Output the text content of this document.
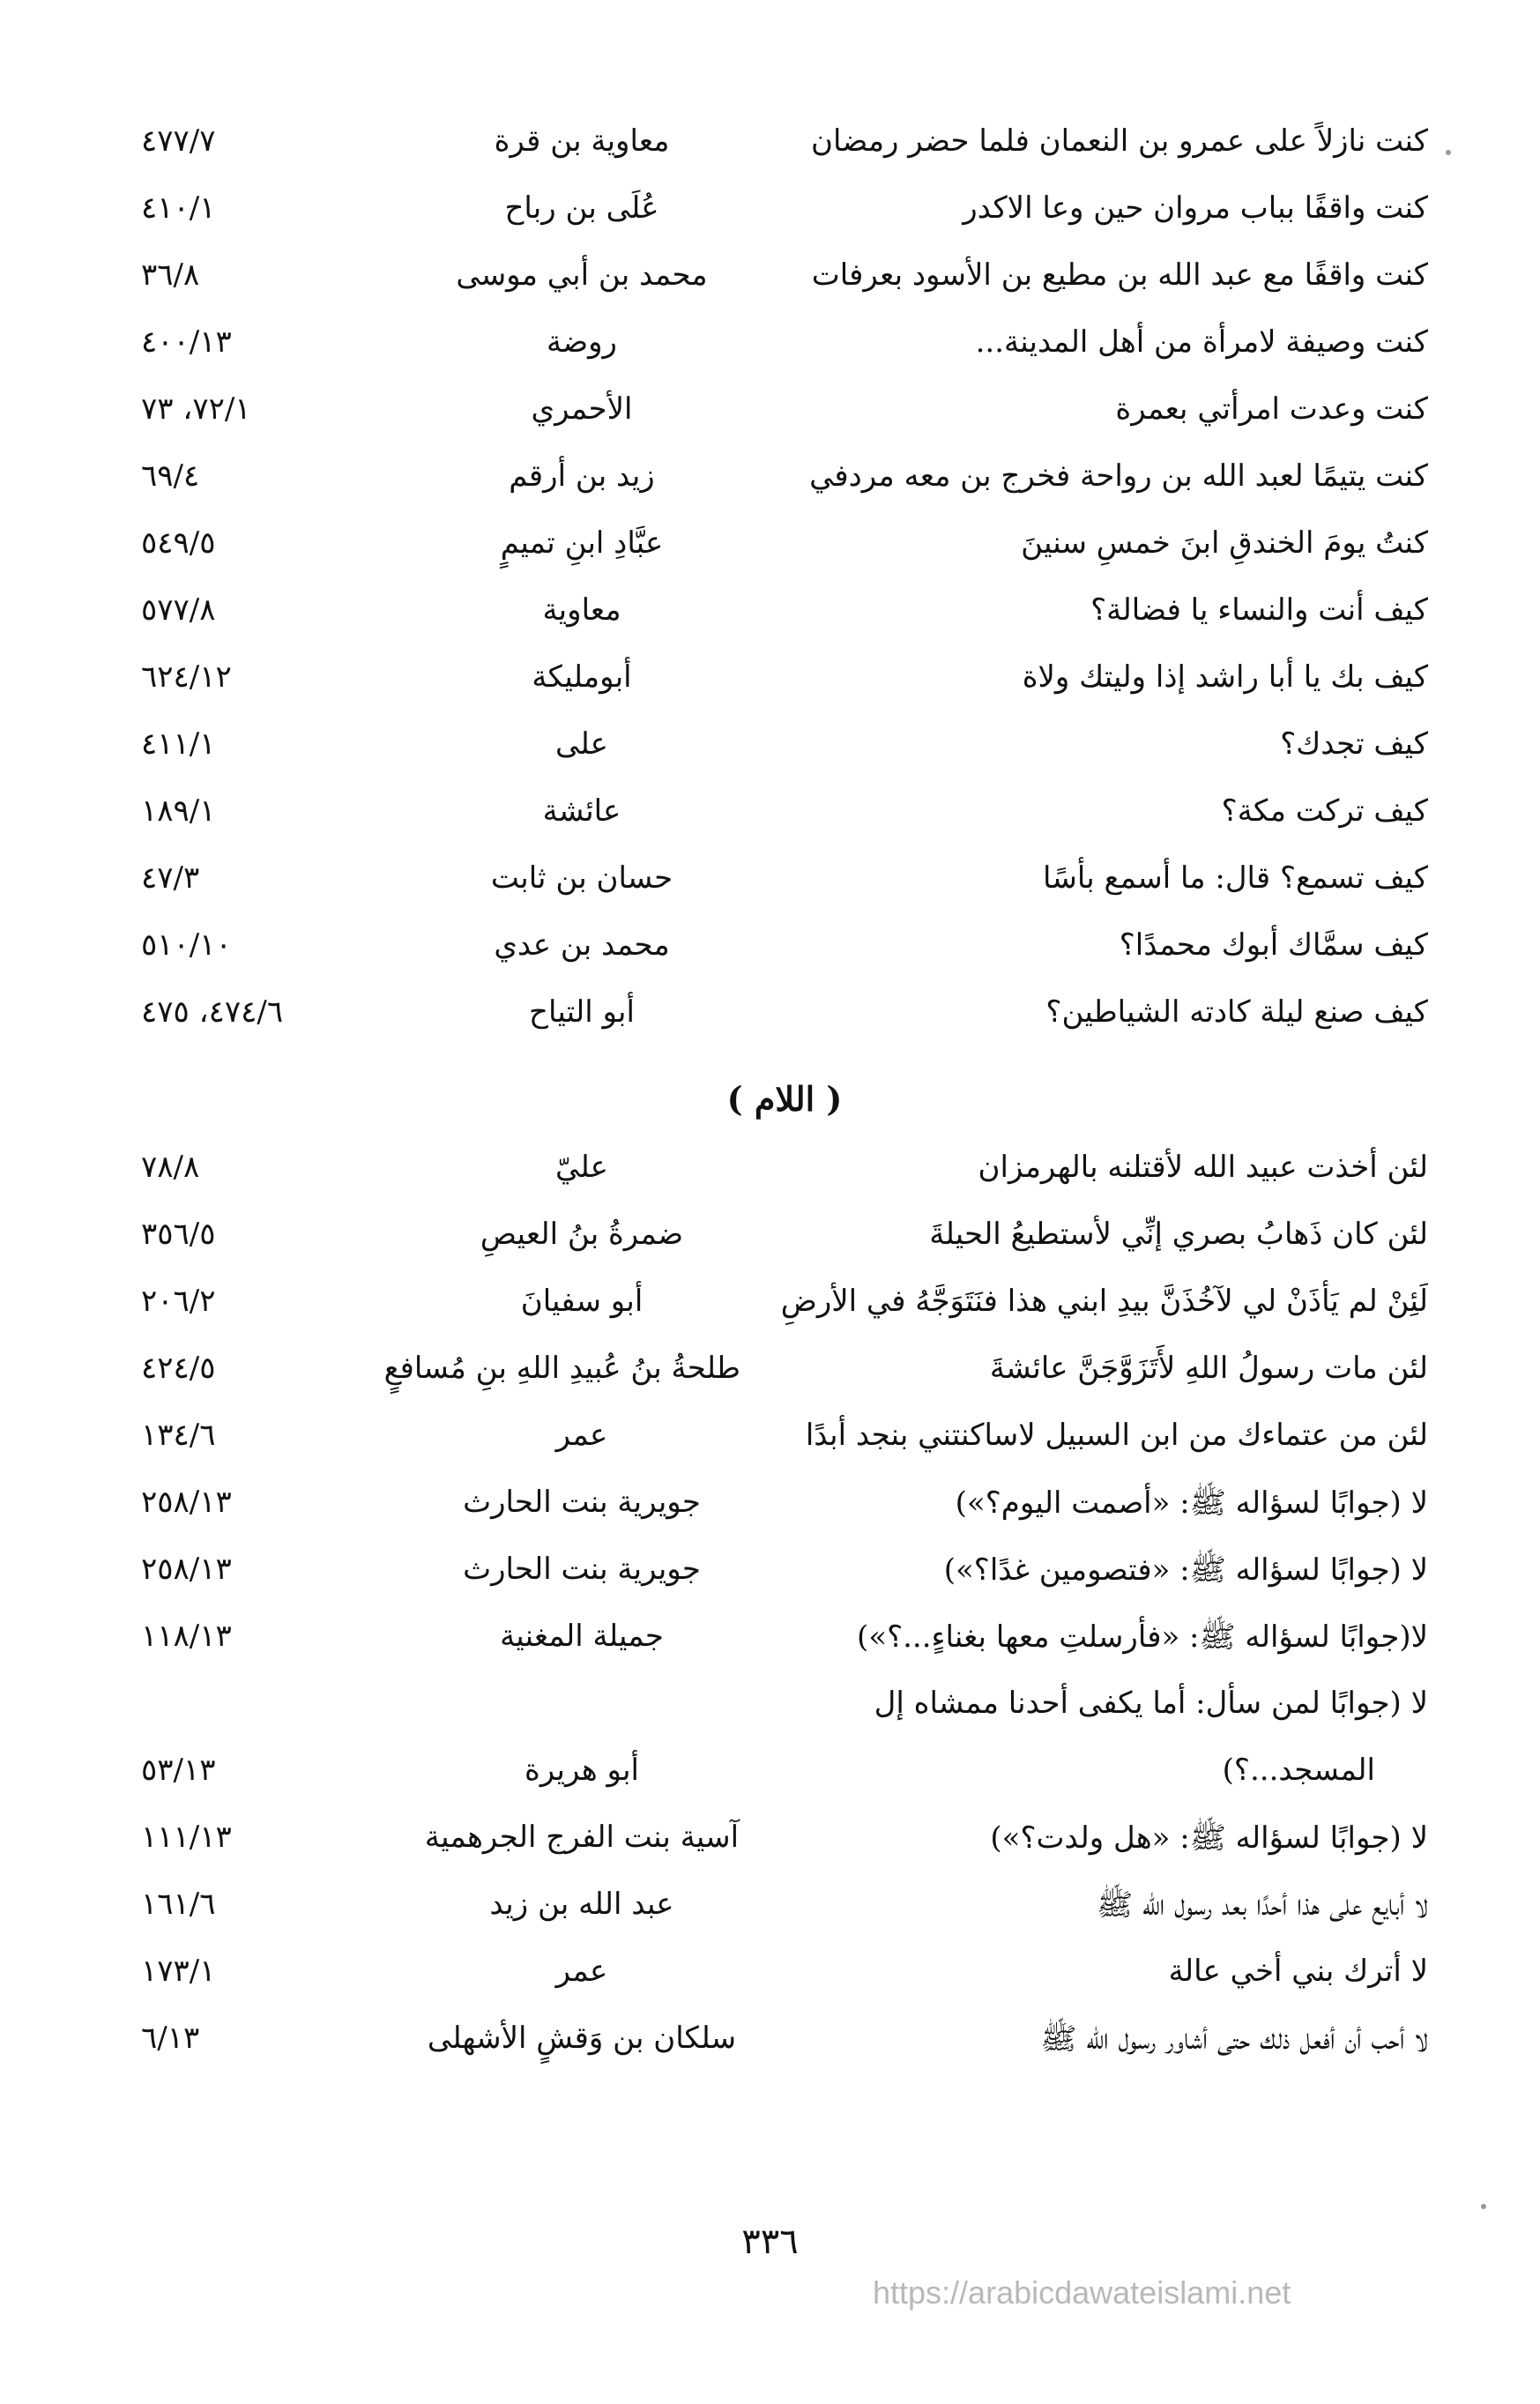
كنت نازلاً على عمرو بن النعمان فلما حضر رمضان
معاوية بن قرة
٤٧٧/٧
كنت واقفًا بباب مروان حين وعا الاكدر
عُلَى بن رباح
٤١٠/١
كنت واقفًا مع عبد الله بن مطيع بن الأسود بعرفات
محمد بن أبي موسى
٣٦/٨
كنت وصيفة لامرأة من أهل المدينة...
روضة
٤٠٠/١٣
كنت وعدت امرأتي بعمرة
الأحمري
٧٢/١، ٧٣
كنت يتيمًا لعبد الله بن رواحة فخرج بن معه مردفي
زيد بن أرقم
٦٩/٤
كنتُ يومَ الخندقِ ابنَ خمسِ سنينَ
عبَّادِ ابنِ تميمٍ
٥٤٩/٥
كيف أنت والنساء يا فضالة؟
معاوية
٥٧٧/٨
كيف بك يا أبا راشد إذا وليتك ولاة
أبومليكة
٦٢٤/١٢
كيف تجدك؟
على
٤١١/١
كيف تركت مكة؟
عائشة
١٨٩/١
كيف تسمع؟ قال: ما أسمع بأسًا
حسان بن ثابت
٤٧/٣
كيف سمَّاك أبوك محمدًا؟
محمد بن عدي
٥١٠/١٠
كيف صنع ليلة كادته الشياطين؟
أبو التياح
٤٧٤/٦، ٤٧٥
( اللام )
لئن أخذت عبيد الله لأقتلنه بالهرمزان
عليّ
٧٨/٨
لئن كان ذَهابُ بصري إنِّي لأستطيعُ الحيلةَ
ضمرةُ بنُ العيصِ
٣٥٦/٥
لَئِنْ لم يَأذَنْ لي لآخُذَنَّ بيدِ ابني هذا فنَتَوَجَّهُ في الأرضِ
أبو سفيانَ
٢٠٦/٢
لئن مات رسولُ اللهِ لأَتَزَوَّجَنَّ عائشةَ
طلحةُ بنُ عُبيدِ اللهِ بنِ مُسافعٍ
٤٢٤/٥
لئن من عتماءك من ابن السبيل لاساكنتني بنجد أبدًا
عمر
١٣٤/٦
لا (جوابًا لسؤاله ﷺ: «أصمت اليوم؟»)
جويرية بنت الحارث
٢٥٨/١٣
لا (جوابًا لسؤاله ﷺ: «فتصومين غدًا؟»)
جويرية بنت الحارث
٢٥٨/١٣
لا(جوابًا لسؤاله ﷺ: «فأرسلتِ معها بغناءٍ...؟»)
جميلة المغنية
١١٨/١٣
لا (جوابًا لمن سأل: أما يكفى أحدنا ممشاه إل
المسجد...؟)
أبو هريرة
٥٣/١٣
لا (جوابًا لسؤاله ﷺ: «هل ولدت؟»)
آسية بنت الفرج الجرهمية
١١١/١٣
لا أبايع على هذا أحدًا بعد رسول الله ﷺ
عبد الله بن زيد
١٦١/٦
لا أترك بني أخي عالة
عمر
١٧٣/١
لا أحب أن أفعل ذلك حتى أشاور رسول الله ﷺ
سلكان بن وَقشٍ الأشهلى
٦/١٣
٣٣٦
https://arabicdawateislami.net
